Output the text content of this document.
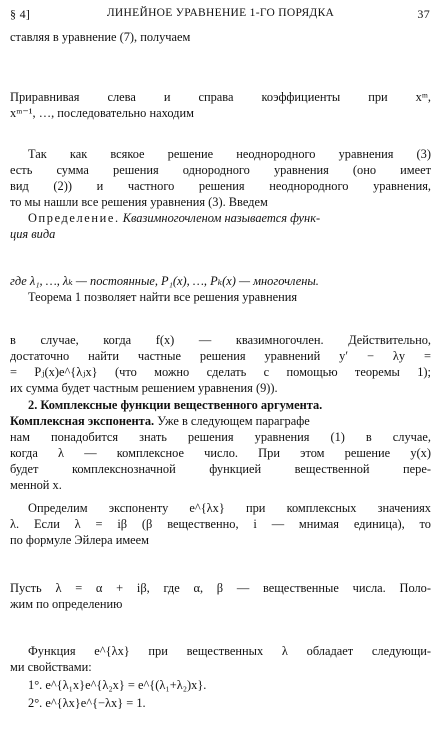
§ 4]	ЛИНЕЙНОЕ УРАВНЕНИЕ 1-ГО ПОРЯДКА	37
ставляя в уравнение (7), получаем
Приравнивая слева и справа коэффициенты при xᵐ,
xᵐ⁻¹, …, последовательно находим
Так как всякое решение неоднородного уравнения (3)
есть сумма решения однородного уравнения (оно имеет
вид (2)) и частного решения неоднородного уравнения,
то мы нашли все решения уравнения (3). Введем
Определение. Квазимногочленом называется функ-
ция вида
где λ₁, …, λₖ — постоянные, P₁(x), …, Pₖ(x) — многочлены.
Теорема 1 позволяет найти все решения уравнения
в случае, когда f(x) — квазимногочлен. Действительно,
достаточно найти частные решения уравнений y′ − λy =
= Pⱼ(x)e^{λⱼx} (что можно сделать с помощью теоремы 1);
их сумма будет частным решением уравнения (9)).
2. Комплексные функции вещественного аргумента.
Комплексная экспонента. Уже в следующем параграфе
нам понадобится знать решения уравнения (1) в случае,
когда λ — комплексное число. При этом решение y(x)
будет комплекснозначной функцией вещественной пере-
менной x.
Определим экспоненту e^{λx} при комплексных значениях
λ. Если λ = iβ (β вещественно, i — мнимая единица), то
по формуле Эйлера имеем
Пусть λ = α + iβ, где α, β — вещественные числа. Поло-
жим по определению
Функция e^{λx} при вещественных λ обладает следующи-
ми свойствами:
1°. e^{λ₁x}e^{λ₂x} = e^{(λ₁+λ₂)x}.
2°. e^{λx}e^{−λx} = 1.
